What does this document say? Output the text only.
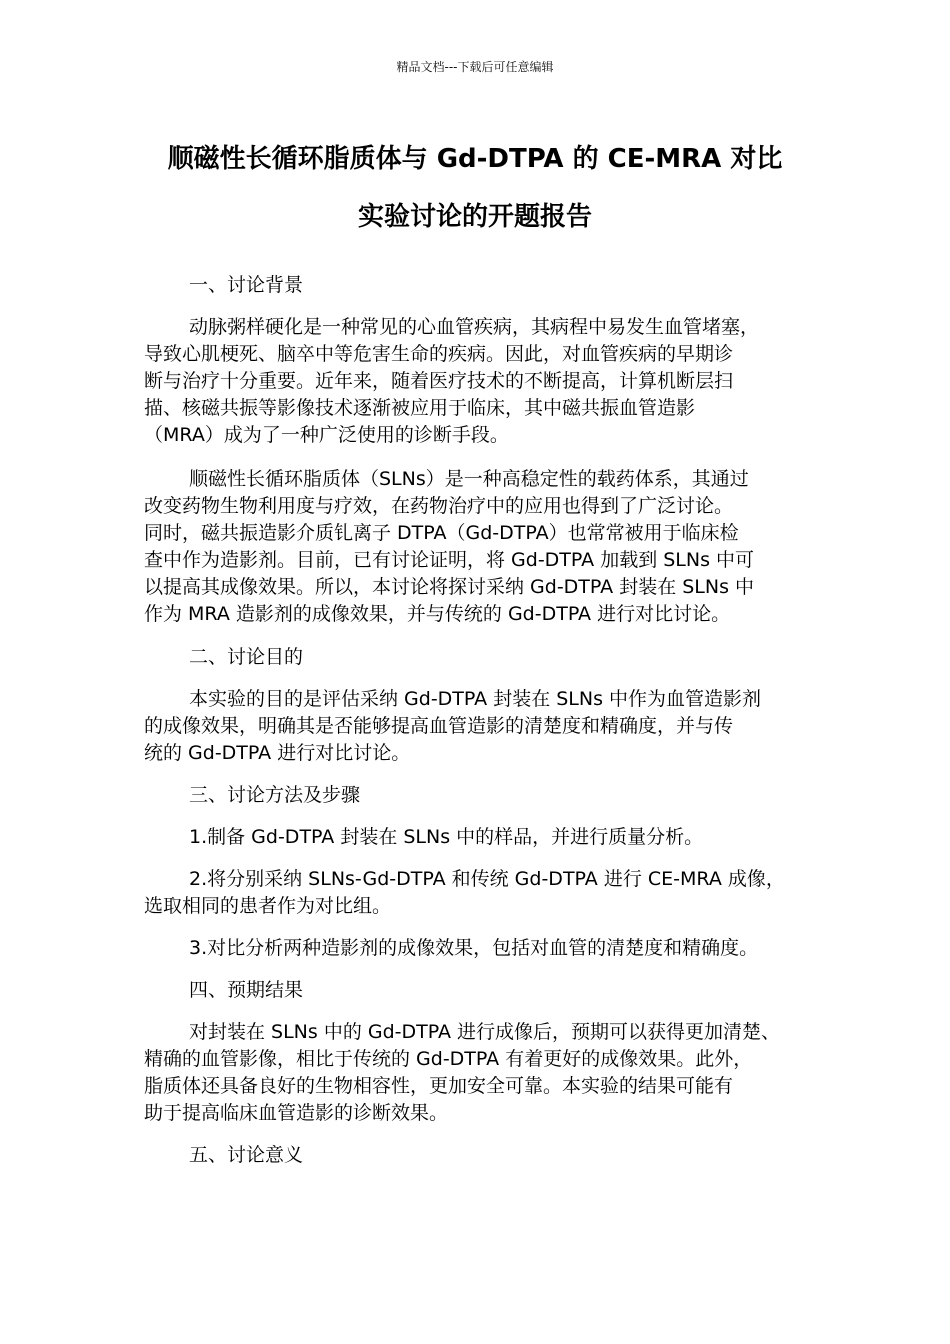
精品文档---下载后可任意编辑
顺磁性长循环脂质体与 Gd-DTPA 的 CE-MRA 对比
实验讨论的开题报告
一、讨论背景
动脉粥样硬化是一种常见的心血管疾病，其病程中易发生血管堵塞，
导致心肌梗死、脑卒中等危害生命的疾病。因此，对血管疾病的早期诊
断与治疗十分重要。近年来，随着医疗技术的不断提高，计算机断层扫
描、核磁共振等影像技术逐渐被应用于临床，其中磁共振血管造影
（MRA）成为了一种广泛使用的诊断手段。
顺磁性长循环脂质体（SLNs）是一种高稳定性的载药体系，其通过
改变药物生物利用度与疗效，在药物治疗中的应用也得到了广泛讨论。
同时，磁共振造影介质钆离子 DTPA（Gd-DTPA）也常常被用于临床检
查中作为造影剂。目前，已有讨论证明，将 Gd-DTPA 加载到 SLNs 中可
以提高其成像效果。所以，本讨论将探讨采纳 Gd-DTPA 封装在 SLNs 中
作为 MRA 造影剂的成像效果，并与传统的 Gd-DTPA 进行对比讨论。
二、讨论目的
本实验的目的是评估采纳 Gd-DTPA 封装在 SLNs 中作为血管造影剂
的成像效果，明确其是否能够提高血管造影的清楚度和精确度，并与传
统的 Gd-DTPA 进行对比讨论。
三、讨论方法及步骤
1.制备 Gd-DTPA 封装在 SLNs 中的样品，并进行质量分析。
2.将分别采纳 SLNs-Gd-DTPA 和传统 Gd-DTPA 进行 CE-MRA 成像，
选取相同的患者作为对比组。
3.对比分析两种造影剂的成像效果，包括对血管的清楚度和精确度。
四、预期结果
对封装在 SLNs 中的 Gd-DTPA 进行成像后，预期可以获得更加清楚、
精确的血管影像，相比于传统的 Gd-DTPA 有着更好的成像效果。此外，
脂质体还具备良好的生物相容性，更加安全可靠。本实验的结果可能有
助于提高临床血管造影的诊断效果。
五、讨论意义
